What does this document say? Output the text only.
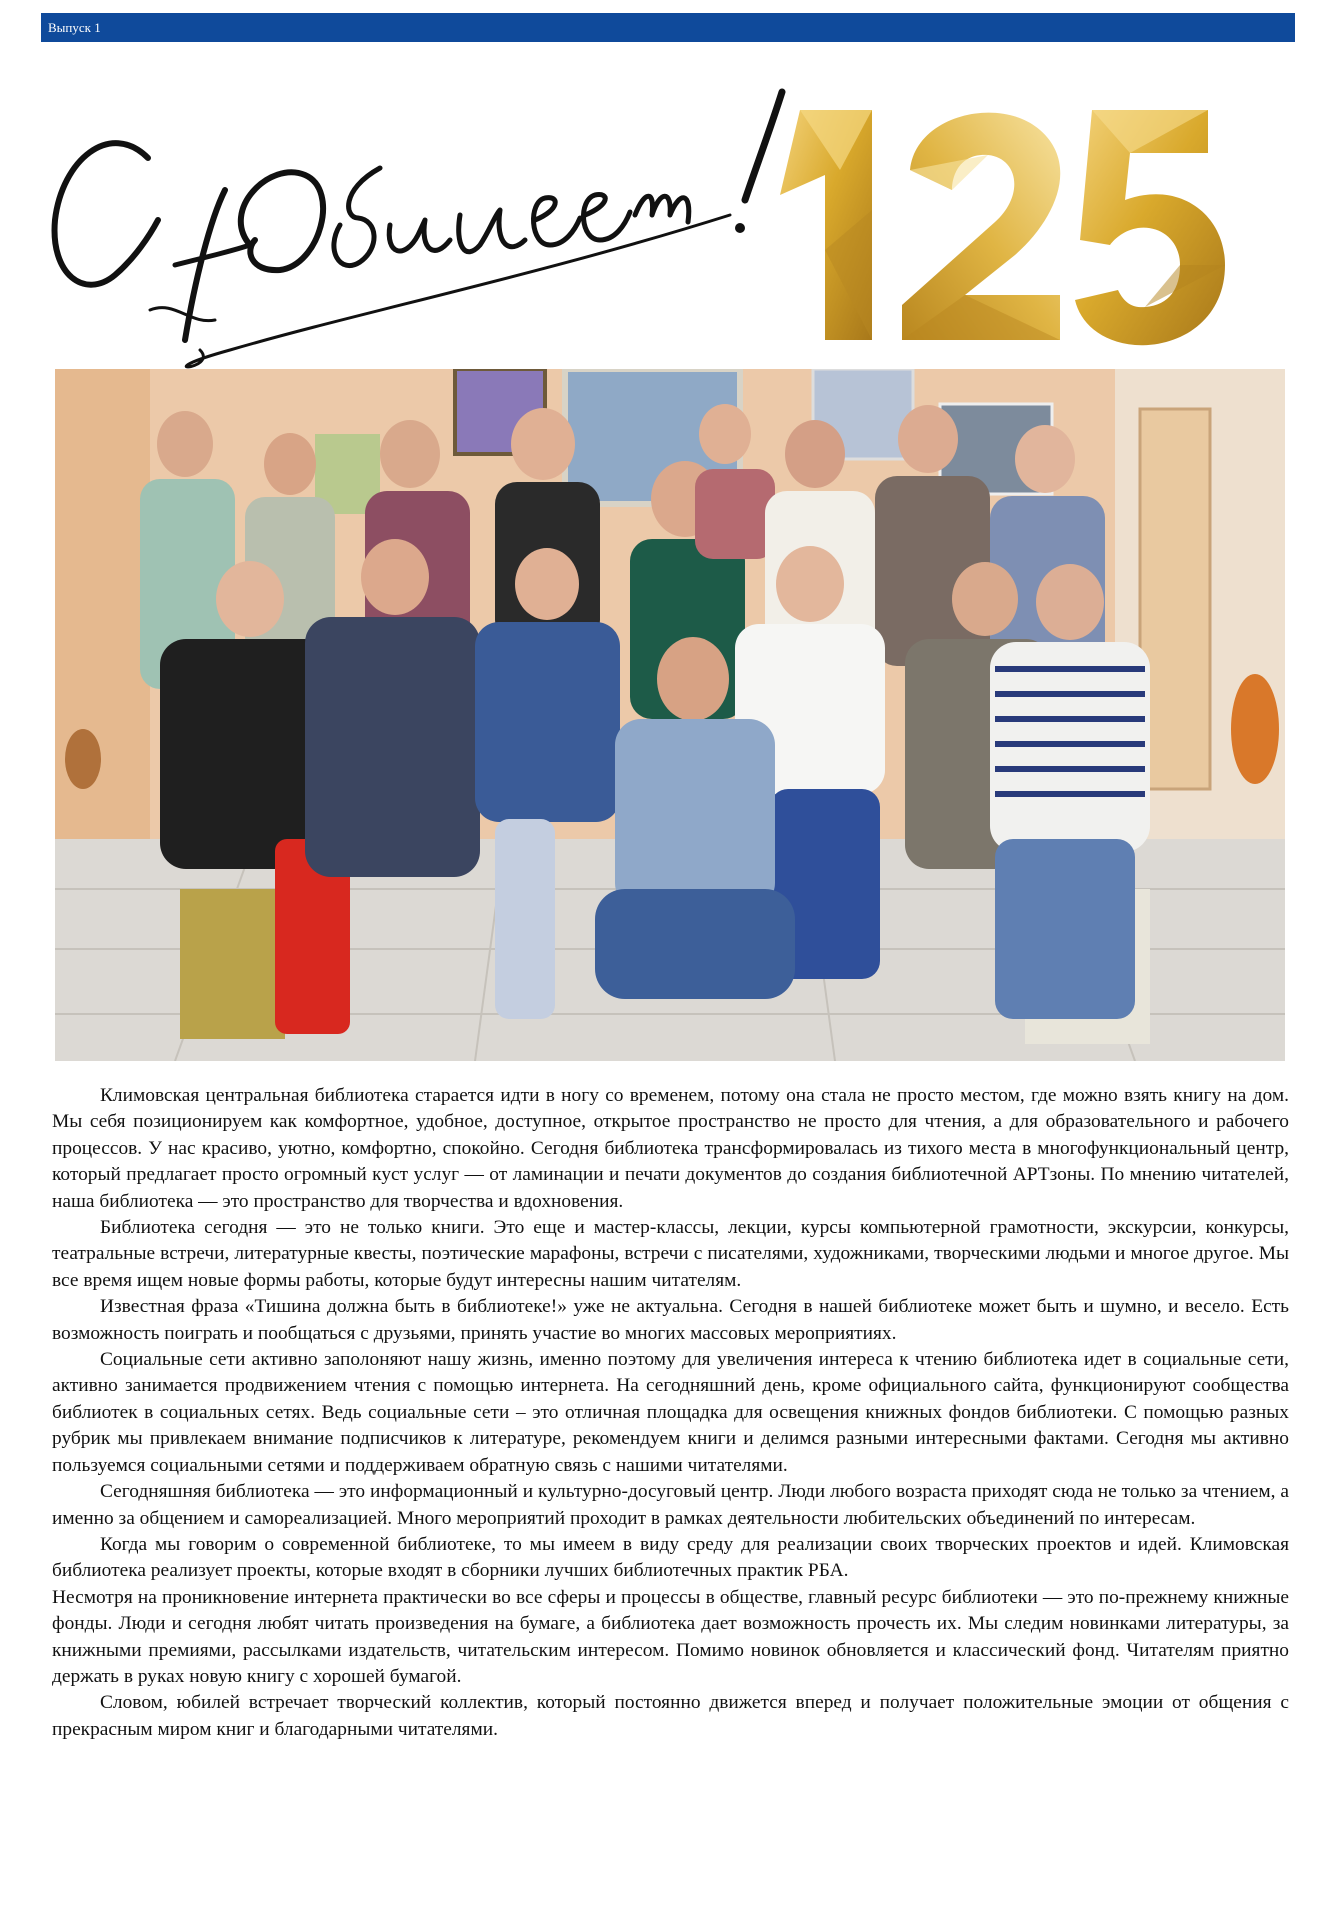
Выпуск 1

Климовская центральная библиотека старается идти в ногу со временем, потому она стала не просто местом, где можно взять книгу на дом. Мы себя позиционируем как комфортное, удобное, доступное, открытое пространство не просто для чтения, а для образовательного и рабочего процессов. У нас красиво, уютно, комфортно, спокойно. Сегодня библиотека трансформировалась из тихого места в многофункциональный центр, который предлагает просто огромный куст услуг — от ламинации и печати документов до создания библиотечной АРТзоны. По мнению читателей, наша библиотека — это пространство для творчества и вдохновения.

Библиотека сегодня — это не только книги. Это еще и мастер-классы, лекции, курсы компьютерной грамотности, экскурсии, конкурсы, театральные встречи, литературные квесты, поэтические марафоны, встречи с писателями, художниками, творческими людьми и многое другое. Мы все время ищем новые формы работы, которые будут интересны нашим читателям.

Известная фраза «Тишина должна быть в библиотеке!» уже не актуальна. Сегодня в нашей библиотеке может быть и шумно, и весело. Есть возможность поиграть и пообщаться с друзьями, принять участие во многих массовых мероприятиях.

Социальные сети активно заполоняют нашу жизнь, именно поэтому для увеличения интереса к чтению библиотека идет в социальные сети, активно занимается продвижением чтения с помощью интернета. На сегодняшний день, кроме официального сайта, функционируют сообщества библиотек в социальных сетях. Ведь социальные сети – это отличная площадка для освещения книжных фондов библиотеки. С помощью разных рубрик мы привлекаем внимание подписчиков к литературе, рекомендуем книги и делимся разными интересными фактами. Сегодня мы активно пользуемся социальными сетями и поддерживаем обратную связь с нашими читателями.

Сегодняшняя библиотека — это информационный и культурно-досуговый центр. Люди любого возраста приходят сюда не только за чтением, а именно за общением и самореализацией. Много мероприятий проходит в рамках деятельности любительских объединений по интересам.

Когда мы говорим о современной библиотеке, то мы имеем в виду среду для реализации своих творческих проектов и идей. Климовская библиотека реализует проекты, которые входят в сборники лучших библиотечных практик РБА.

Несмотря на проникновение интернета практически во все сферы и процессы в обществе, главный ресурс библиотеки — это по-прежнему книжные фонды. Люди и сегодня любят читать произведения на бумаге, а библиотека дает возможность прочесть их. Мы следим новинками литературы, за книжными премиями, рассылками издательств, читательским интересом. Помимо новинок обновляется и классический фонд. Читателям приятно держать в руках новую книгу с хорошей бумагой.

Словом, юбилей встречает творческий коллектив, который постоянно движется вперед и получает положительные эмоции от общения с прекрасным миром книг и благодарными читателями.
